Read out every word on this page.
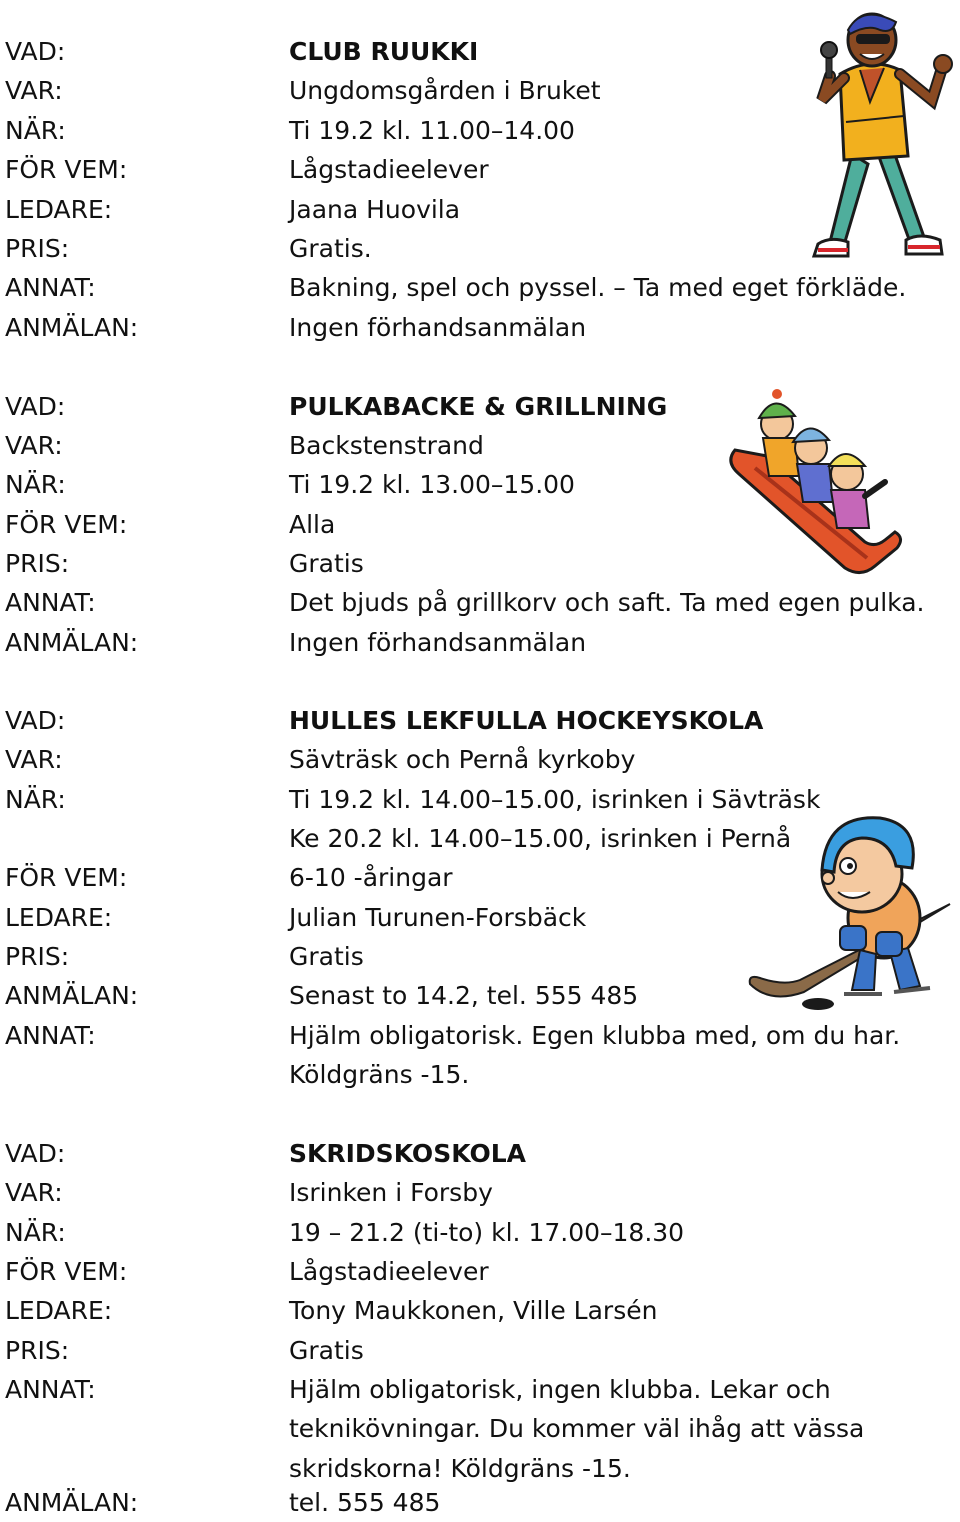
VAD:	CLUB RUUKKI
VAR:	Ungdomsgården i Bruket
NÄR:	Ti 19.2 kl. 11.00–14.00
FÖR VEM:	Lågstadieelever
LEDARE:	Jaana Huovila
PRIS:	Gratis.
ANNAT:	Bakning, spel och pyssel. – Ta med eget förkläde.
ANMÄLAN:	Ingen förhandsanmälan
VAD:	PULKABACKE & GRILLNING
VAR:	Backstenstrand
NÄR:	Ti 19.2 kl. 13.00–15.00
FÖR VEM:	Alla
PRIS:	Gratis
ANNAT:	Det bjuds på grillkorv och saft. Ta med egen pulka.
ANMÄLAN:	Ingen förhandsanmälan
VAD:	HULLES LEKFULLA HOCKEYSKOLA
VAR:	Sävträsk och Pernå kyrkoby
NÄR:	Ti 19.2 kl. 14.00–15.00, isrinken i Sävträsk
Ke 20.2 kl. 14.00–15.00, isrinken i Pernå
FÖR VEM:	6-10 -åringar
LEDARE:	Julian Turunen-Forsbäck
PRIS:	Gratis
ANMÄLAN:	Senast to 14.2, tel. 555 485
ANNAT:	Hjälm obligatorisk. Egen klubba med, om du har.
Köldgräns -15.
VAD:	SKRIDSKOSKOLA
VAR:	Isrinken i Forsby
NÄR:	19 – 21.2 (ti-to) kl. 17.00–18.30
FÖR VEM:	Lågstadieelever
LEDARE:	Tony Maukkonen, Ville Larsén
PRIS:	Gratis
ANNAT:	Hjälm obligatorisk, ingen klubba. Lekar och
teknikövningar. Du kommer väl ihåg att vässa
skridskorna! Köldgräns -15.
ANMÄLAN:	tel. 555 485
